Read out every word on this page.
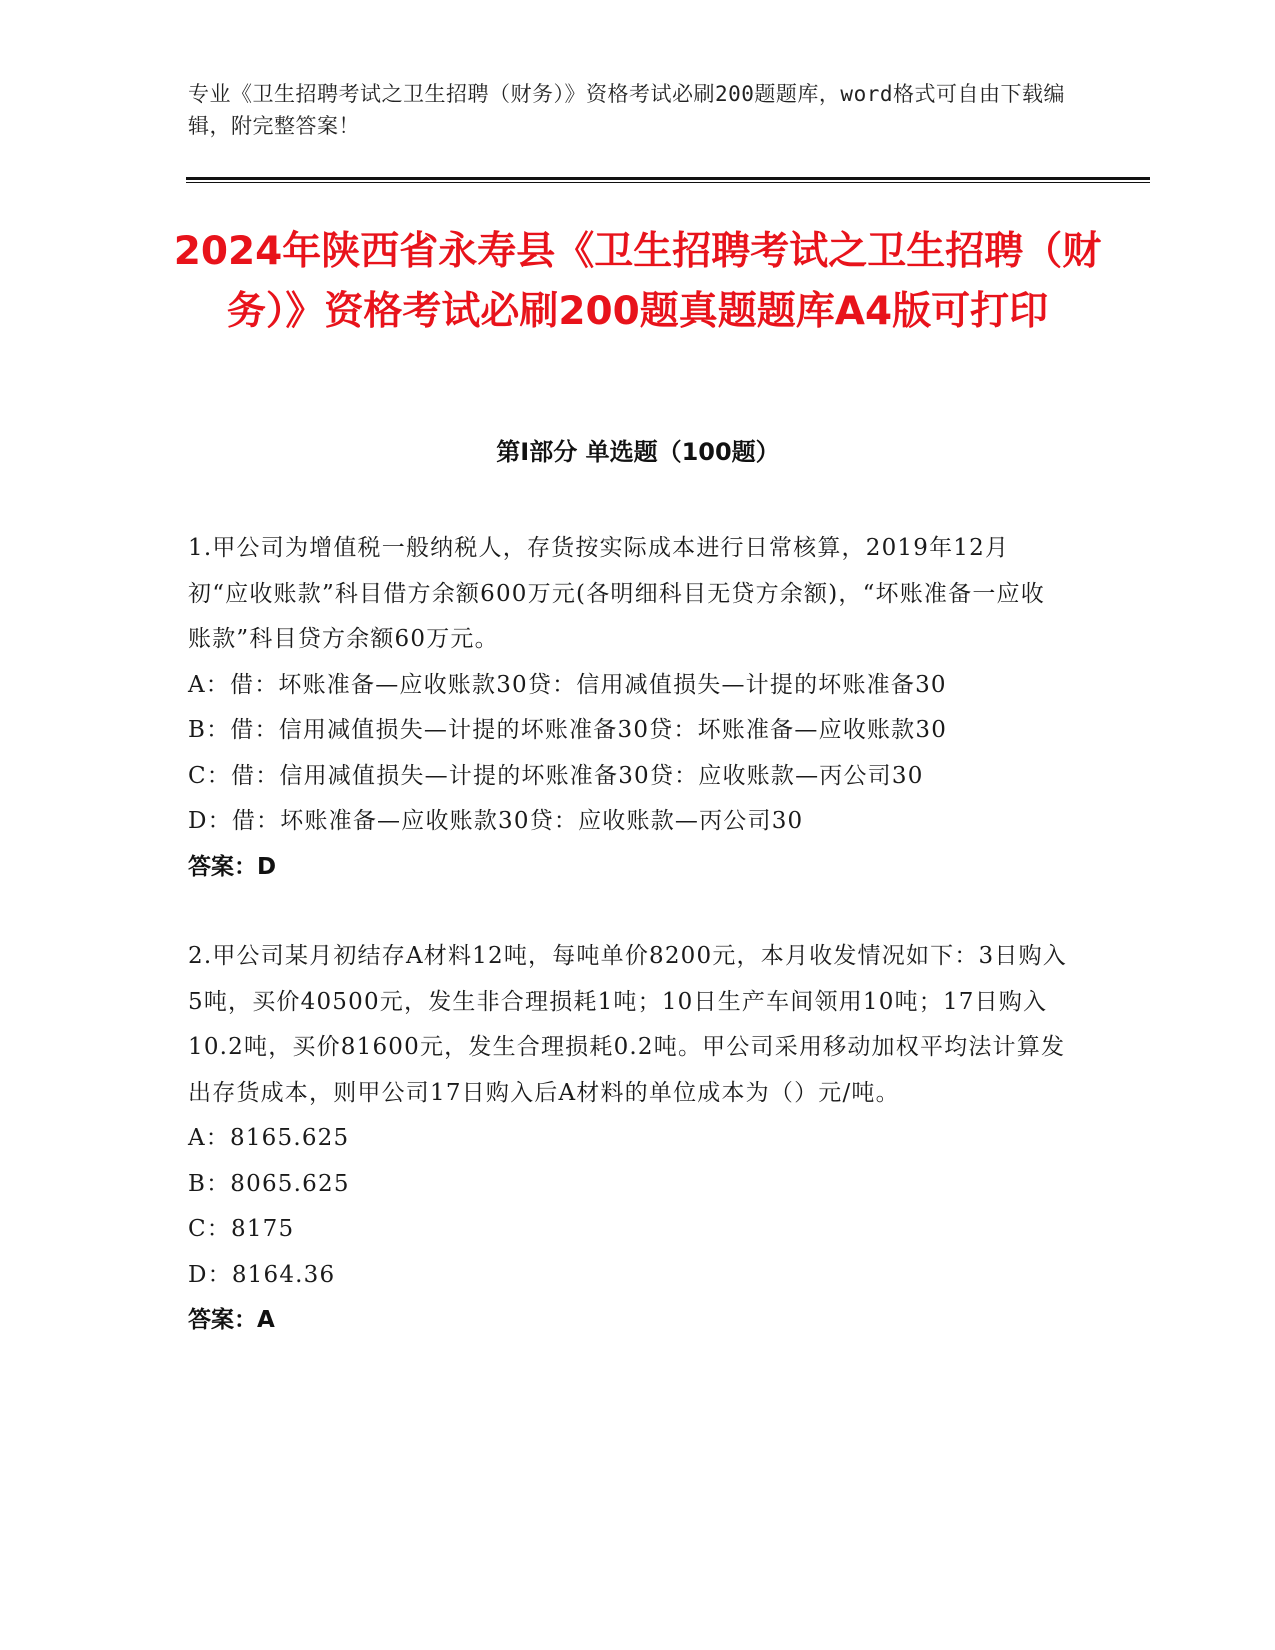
专业《卫生招聘考试之卫生招聘（财务）》资格考试必刷200题题库，word格式可自由下载编辑，附完整答案！
2024年陕西省永寿县《卫生招聘考试之卫生招聘（财务）》资格考试必刷200题真题题库A4版可打印
第I部分 单选题（100题）
1.甲公司为增值税一般纳税人，存货按实际成本进行日常核算，2019年12月初“应收账款”科目借方余额600万元(各明细科目无贷方余额)，“坏账准备一应收账款”科目贷方余额60万元。
A：借：坏账准备—应收账款30贷：信用减值损失—计提的坏账准备30
B：借：信用减值损失—计提的坏账准备30贷：坏账准备—应收账款30
C：借：信用减值损失—计提的坏账准备30贷：应收账款—丙公司30
D：借：坏账准备—应收账款30贷：应收账款—丙公司30
答案：D
2.甲公司某月初结存A材料12吨，每吨单价8200元，本月收发情况如下：3日购入5吨，买价40500元，发生非合理损耗1吨；10日生产车间领用10吨；17日购入10.2吨，买价81600元，发生合理损耗0.2吨。甲公司采用移动加权平均法计算发出存货成本，则甲公司17日购入后A材料的单位成本为（）元/吨。
A：8165.625
B：8065.625
C：8175
D：8164.36
答案：A
